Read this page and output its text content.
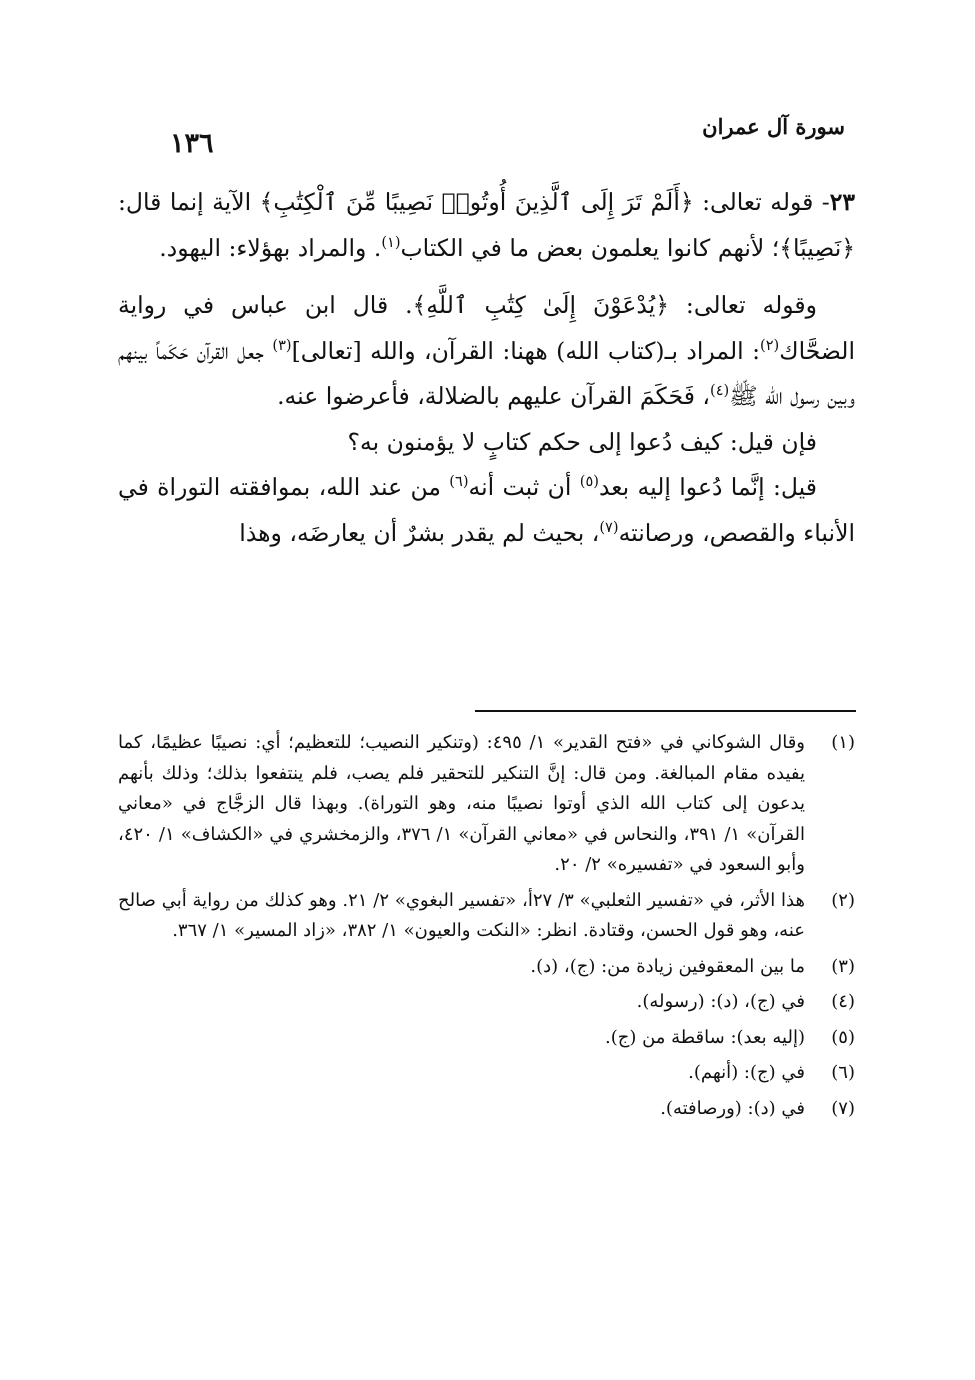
١٣٦
سورة آل عمران

٢٣- قوله تعالى: ﴿أَلَمْ تَرَ إِلَى ٱلَّذِينَ أُوتُوا۟ نَصِيبًا مِّنَ ٱلْكِتَٰبِ﴾ الآية إنما قال: ﴿نَصِيبًا﴾؛ لأنهم كانوا يعلمون بعض ما في الكتاب$^{(١)}$. والمراد بهؤلاء: اليهود.

وقوله تعالى: ﴿يُدْعَوْنَ إِلَىٰ كِتَٰبِ ٱللَّهِ﴾. قال ابن عباس في رواية الضحَّاك$^{(٢)}$: المراد بـ(كتاب الله) ههنا: القرآن، والله [تعالى]$^{(٣)}$ جعل القرآن حَكَماً بينهم وبين رسول الله ﷺ$^{(٤)}$، فَحَكَمَ القرآن عليهم بالضلالة، فأعرضوا عنه.

فإن قيل: كيف دُعوا إلى حكم كتابٍ لا يؤمنون به؟

قيل: إنَّما دُعوا إليه بعد$^{(٥)}$ أن ثبت أنه$^{(٦)}$ من عند الله، بموافقته التوراة في الأنباء والقصص، ورصانته$^{(٧)}$، بحيث لم يقدر بشرٌ أن يعارضَه، وهذا

(١)
وقال الشوكاني في «فتح القدير» ١/ ٤٩٥: (وتنكير النصيب؛ للتعظيم؛ أي: نصيبًا عظيمًا، كما يفيده مقام المبالغة. ومن قال: إنَّ التنكير للتحقير فلم يصب، فلم ينتفعوا بذلك؛ وذلك بأنهم يدعون إلى كتاب الله الذي أوتوا نصيبًا منه، وهو التوراة). وبهذا قال الزجَّاج في «معاني القرآن» ١/ ٣٩١، والنحاس في «معاني القرآن» ١/ ٣٧٦، والزمخشري في «الكشاف» ١/ ٤٢٠، وأبو السعود في «تفسيره» ٢/ ٢٠.
(٢)
هذا الأثر، في «تفسير الثعلبي» ٣/ ٢٧أ، «تفسير البغوي» ٢/ ٢١. وهو كذلك من رواية أبي صالح عنه، وهو قول الحسن، وقتادة. انظر: «النكت والعيون» ١/ ٣٨٢، «زاد المسير» ١/ ٣٦٧.
(٣)
ما بين المعقوفين زيادة من: (ج)، (د).
(٤)
في (ج)، (د): (رسوله).
(٥)
(إليه بعد): ساقطة من (ج).
(٦)
في (ج): (أنهم).
(٧)
في (د): (ورصافته).
